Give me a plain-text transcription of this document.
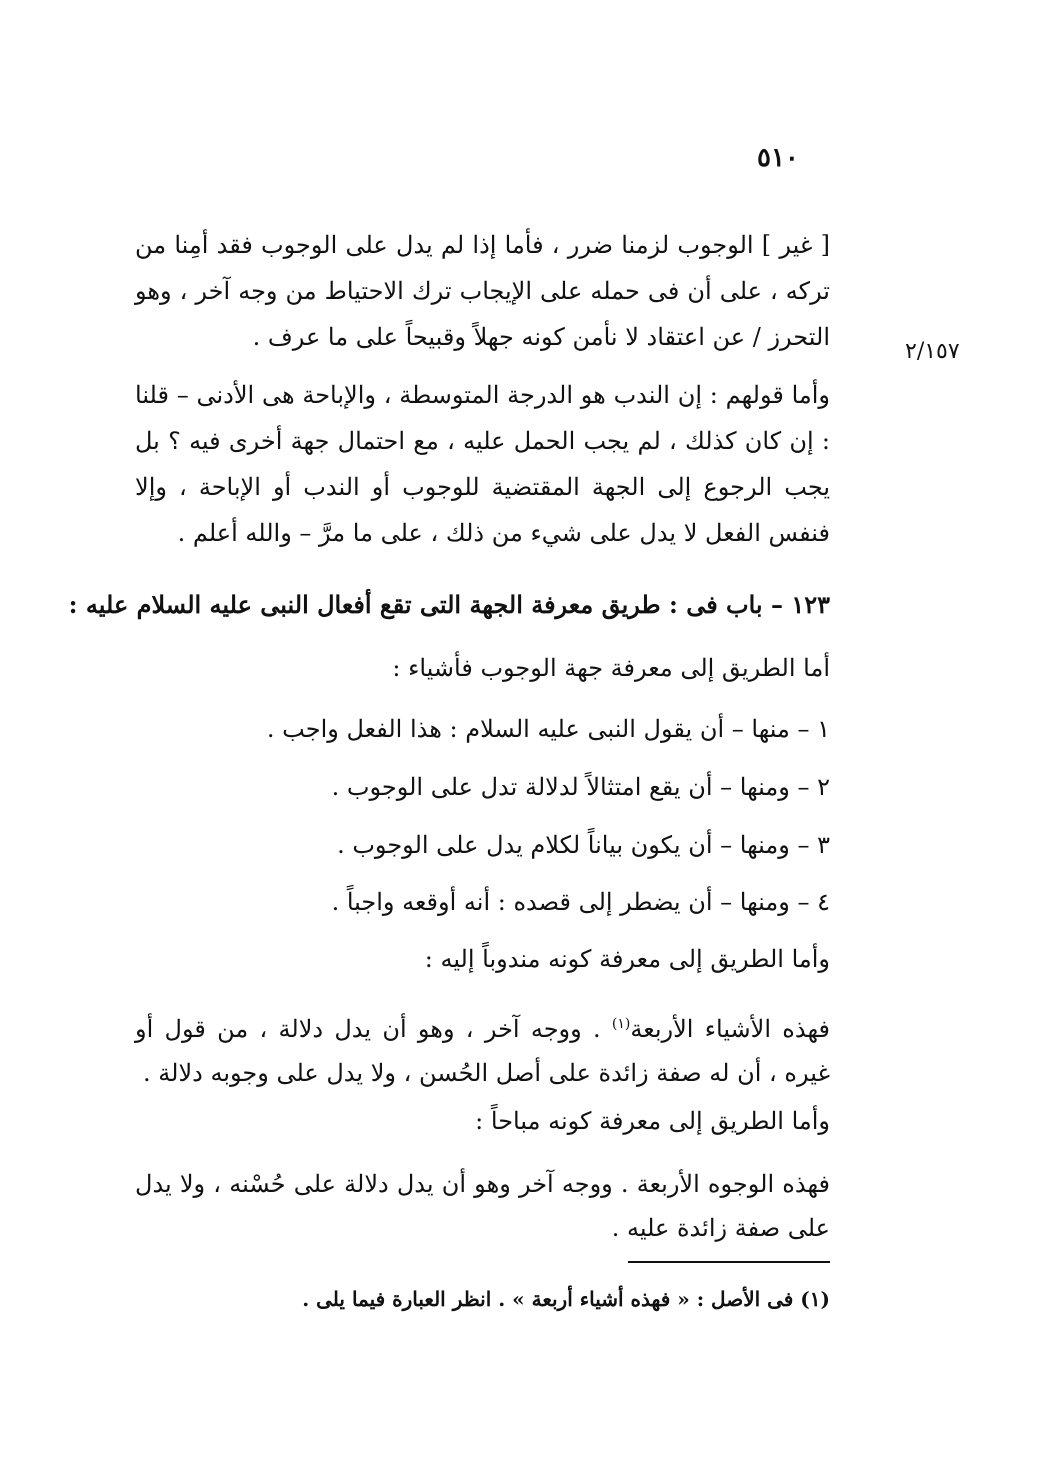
٥١٠

[ غير ] الوجوب لزمنا ضرر ، فأما إذا لم يدل على الوجوب فقد أمِنا من تركه ، على أن فى حمله على الإيجاب ترك الاحتياط من وجه آخر ، وهو التحرز / عن اعتقاد لا نأمن كونه جهلاً وقبيحاً على ما عرف .

٢/١٥٧

وأما قولهم : إن الندب هو الدرجة المتوسطة ، والإباحة هى الأدنى – قلنا : إن كان كذلك ، لم يجب الحمل عليه ، مع احتمال جهة أخرى فيه ؟ بل يجب الرجوع إلى الجهة المقتضية للوجوب أو الندب أو الإباحة ، وإلا فنفس الفعل لا يدل على شيء من ذلك ، على ما مرَّ – والله أعلم .

١٢٣ – باب فى : طريق معرفة الجهة التى تقع أفعال النبى عليه السلام عليه :
أما الطريق إلى معرفة جهة الوجوب فأشياء :
١ – منها – أن يقول النبى عليه السلام : هذا الفعل واجب .
٢ – ومنها – أن يقع امتثالاً لدلالة تدل على الوجوب .
٣ – ومنها – أن يكون بياناً لكلام يدل على الوجوب .
٤ – ومنها – أن يضطر إلى قصده : أنه أوقعه واجباً .
وأما الطريق إلى معرفة كونه مندوباً إليه :

فهذه الأشياء الأربعة$^{(١)}$ . ووجه آخر ، وهو أن يدل دلالة ، من قول أو غيره ، أن له صفة زائدة على أصل الحُسن ، ولا يدل على وجوبه دلالة .

وأما الطريق إلى معرفة كونه مباحاً :

فهذه الوجوه الأربعة . ووجه آخر وهو أن يدل دلالة على حُسْنه ، ولا يدل على صفة زائدة عليه .

(١) فى الأصل : « فهذه أشياء أربعة » . انظر العبارة فيما يلى .
